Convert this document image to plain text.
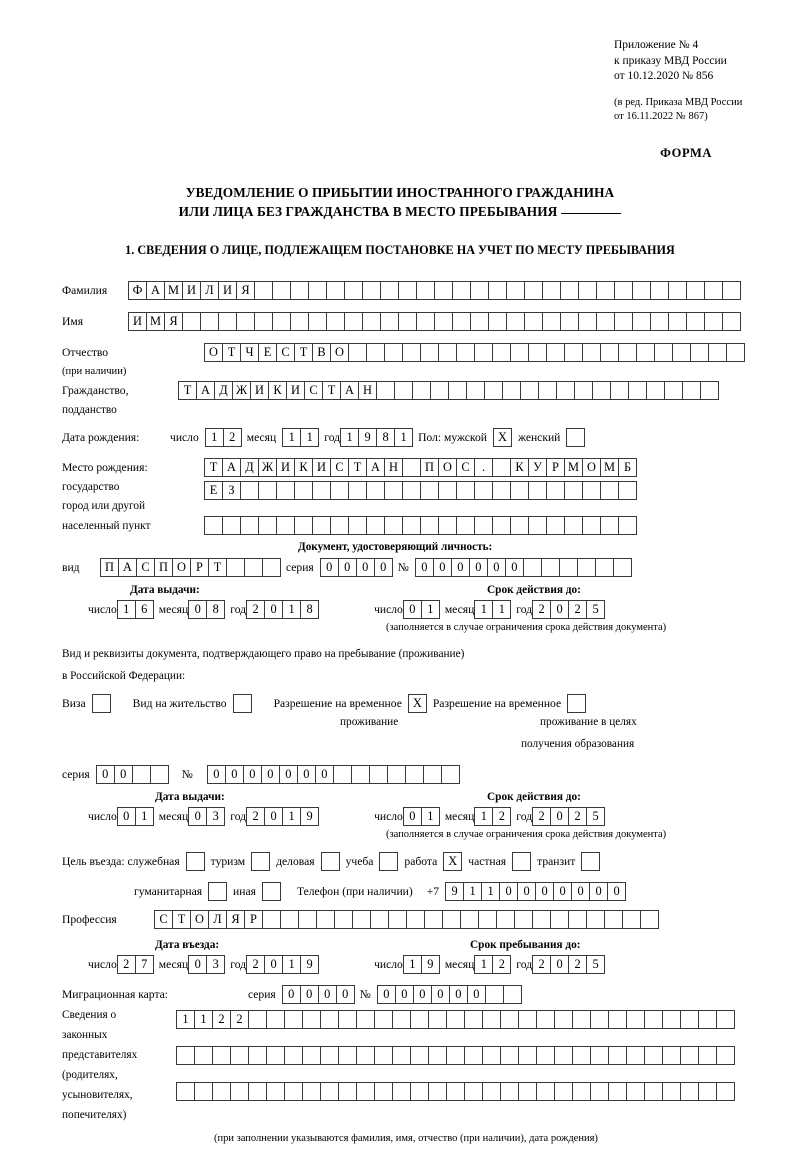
Приложение № 4
к приказу МВД России
от 10.12.2020 № 856
(в ред. Приказа МВД России
от 16.11.2022 № 867)
ФОРМА
УВЕДОМЛЕНИЕ О ПРИБЫТИИ ИНОСТРАННОГО ГРАЖДАНИНА
ИЛИ ЛИЦА БЕЗ ГРАЖДАНСТВА В МЕСТО ПРЕБЫВАНИЯ
1. СВЕДЕНИЯ О ЛИЦЕ, ПОДЛЕЖАЩЕМ ПОСТАНОВКЕ НА УЧЕТ ПО МЕСТУ ПРЕБЫВАНИЯ
Фамилия	Ф А М И Л И Я
Имя	И М Я
Отчество	О Т Ч Е С Т В О
(при наличии)
Гражданство,	Т А Д Ж И К И С Т А Н
подданство
Дата рождения:	число 1 2 месяц 1 1 год 1 9 8 1 Пол: мужской Х женский
Место рождения:	Т А Д Ж И К И С Т А Н	П О С .	К У Р М О М Б
государство	Е З
город или другой
населенный пункт
Документ, удостоверяющий личность:
вид	П А С П О Р Т	серия 0 0 0 0 № 0 0 0 0 0 0
Дата выдачи:	Срок действия до:
число 1 6 месяц 0 8 год 2 0 1 8	число 0 1 месяц 1 1 год 2 0 2 5
(заполняется в случае ограничения срока действия документа)
Вид и реквизиты документа, подтверждающего право на пребывание (проживание)
в Российской Федерации:
Виза	Вид на жительство	Разрешение на временное Х Разрешение на временное
проживание	проживание в целях
получения образования
серия 0 0	№	0 0 0 0 0 0 0
Дата выдачи:	Срок действия до:
число 0 1 месяц 0 3 год 2 0 1 9	число 0 1 месяц 1 2 год 2 0 2 5
(заполняется в случае ограничения срока действия документа)
Цель въезда: служебная	туризм	деловая	учеба	работа Х частная	транзит
гуманитарная	иная	Телефон (при наличии) +7 9 1 1 0 0 0 0 0 0 0
Профессия	С Т О Л Я Р
Дата въезда:	Срок пребывания до:
число 2 7 месяц 0 3 год 2 0 1 9	число 1 9 месяц 1 2 год 2 0 2 5
Миграционная карта:	серия 0 0 0 0 № 0 0 0 0 0 0
Сведения о
законных
представителях
(родителях,
усыновителях,
попечителях)
1 1 2 2
(при заполнении указываются фамилия, имя, отчество (при наличии), дата рождения)
